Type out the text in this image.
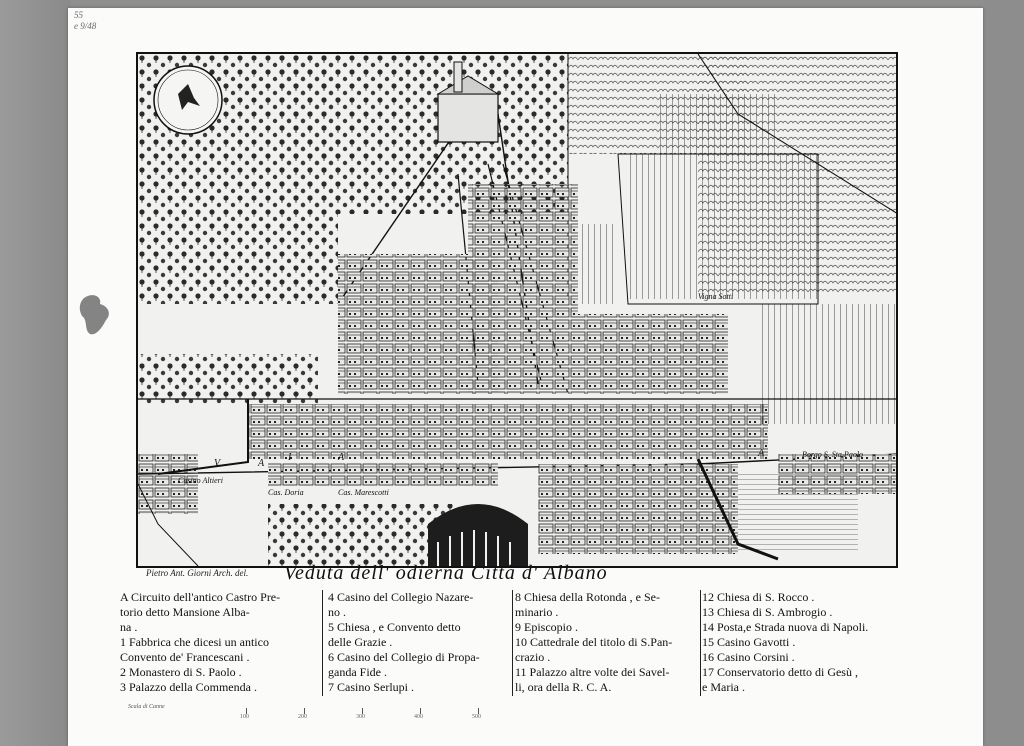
55
e 9/48
Vigna Sotti
Casino Altieri
Cas. Doria	Cas. Marescotti
Borgo S. Sta Paolo
V	A
A
I	A
Pietro Ant. Giorni Arch. del. Veduta dell' odierna Città d' Albano
A Circuito dell'antico Castro Pre-
torio detto Mansione Alba-
na .
1 Fabbrica che dicesi un antico
Convento de' Francescani .
2 Monastero di S. Paolo .
3 Palazzo della Commenda .
4 Casino del Collegio Nazare-
no .
5 Chiesa , e Convento detto
delle Grazie .
6 Casino del Collegio di Propa-
ganda Fide .
7 Casino Serlupi .
8 Chiesa della Rotonda , e Se-
minario .
9 Episcopio .
10 Cattedrale del titolo di S.Pan-
crazio .
11 Palazzo altre volte dei Savel-
li, ora della R. C. A.
12 Chiesa di S. Rocco .
13 Chiesa di S. Ambrogio .
14 Posta,e Strada nuova di Napoli.
15 Casino Gavotti .
16 Casino Corsini .
17 Conservatorio detto di Gesù ,
e Maria .
Scala di Canne
100	200	300	400	500
